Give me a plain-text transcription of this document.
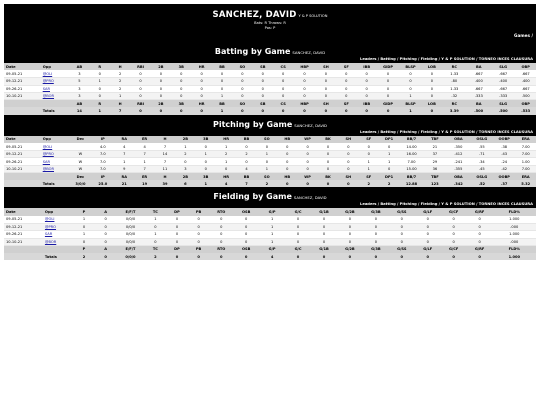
SANCHEZ, DAVID Y & P SOLUTION
Bats: R Throws: R
Pos: P
Games /
Batting by Game SANCHEZ, DAVID
Leaders / Batting / Pitching / Fielding / Y & P SOLUTION / TORNEO INCES CLAUSURA
Date	Opp	AB	R	H	RBI	2B	3B	HR	BB	SO	SB	CS	HBP	SH	SF	IBB	GIDP	BLSP	LOB	RC	BA	SLG	OBP
09-05-21	@OLI	3	0	2	0	0	0	0	0	0	0	0	0	0	0	0	0	0	0	1.33	.667	.667	.667
09-12-21	@PRO	5	1	2	0	0	0	0	0	0	0	0	0	0	0	0	0	0	0	.80	.400	.400	.400
09-26-21	SAR	3	0	2	0	0	0	0	0	0	0	0	0	0	0	0	0	0	0	1.33	.667	.667	.667
10-10-21	@BOR	3	0	1	0	0	0	0	1	0	0	0	0	0	0	0	0	1	0	.32	.333	.333	.500
		AB	R	H	RBI	2B	3B	HR	BB	SO	SB	CS	HBP	SH	SF	IBB	GIDP	BLSP	LOB	RC	BA	SLG	OBP
	Totals	14	1	7	0	0	0	0	1	0	0	0	0	0	0	0	0	1	0	3.39	.500	.500	.533
Pitching by Game SANCHEZ, DAVID
Leaders / Batting / Pitching / Fielding / Y & P SOLUTION / TORNEO INCES CLAUSURA
Date	Opp	Dec	IP	RA	ER	H	2B	3B	HR	BB	SO	HB	WP	BK	SH	SF	DP1	BB/7	TBF	OBA	OSLG	OOBP	ERA
09-05-21	@OLI		4.0	4	4	7	1	0	1	0	0	0	0	0	0	0	0	14.00	21	.350	.55	.38	7.00
09-12-21	@PRO	W	7.0	7	7	14	2	1	2	2	1	0	0	0	0	0	1	16.00	37	.412	.71	.43	7.00
09-26-21	SAR	W	7.0	1	1	7	0	0	1	0	0	0	0	0	0	1	1	7.00	29	.241	.34	.24	1.00
10-10-21	@BOR	W	7.0	9	7	11	3	0	0	4	1	0	0	0	0	1	0	15.00	36	.355	.45	.42	7.00
		Dec	IP	RA	ER	H	2B	3B	HR	BB	SO	HB	WP	BK	SH	SF	DP1	BB/7	TBF	OBA	OSLG	OOBP	ERA
	Totals	3/0/0	25.0	21	19	39	6	1	4	7	2	0	0	0	0	2	2	12.88	123	.342	.52	.37	5.32
Fielding by Game SANCHEZ, DAVID
Leaders / Batting / Pitching / Fielding / Y & P SOLUTION / TORNEO INCES CLAUSURA
Date	Opp	P	A	E/F/T	TC	DP	PB	RTO	OSB	G/P	G/C	G/1B	G/2B	G/3B	G/SS	G/LF	G/CF	G/RF	FLD%
09-05-21	@OLI	1	0	0/0/0	1	0	0	0	0	1	0	0	0	0	0	0	0	0	1.000
09-12-21	@PRO	0	0	0/0/0	0	0	0	0	0	1	0	0	0	0	0	0	0	0	.000
09-26-21	SAR	1	0	0/0/0	1	0	0	0	0	1	0	0	0	0	0	0	0	0	1.000
10-10-21	@BOR	0	0	0/0/0	0	0	0	0	0	1	0	0	0	0	0	0	0	0	.000
		P	A	E/F/T	TC	DP	PB	RTO	OSB	G/P	G/C	G/1B	G/2B	G/3B	G/SS	G/LF	G/CF	G/RF	FLD%
	Totals	2	0	0/0/0	2	0	0	0	0	4	0	0	0	0	0	0	0	0	1.000
